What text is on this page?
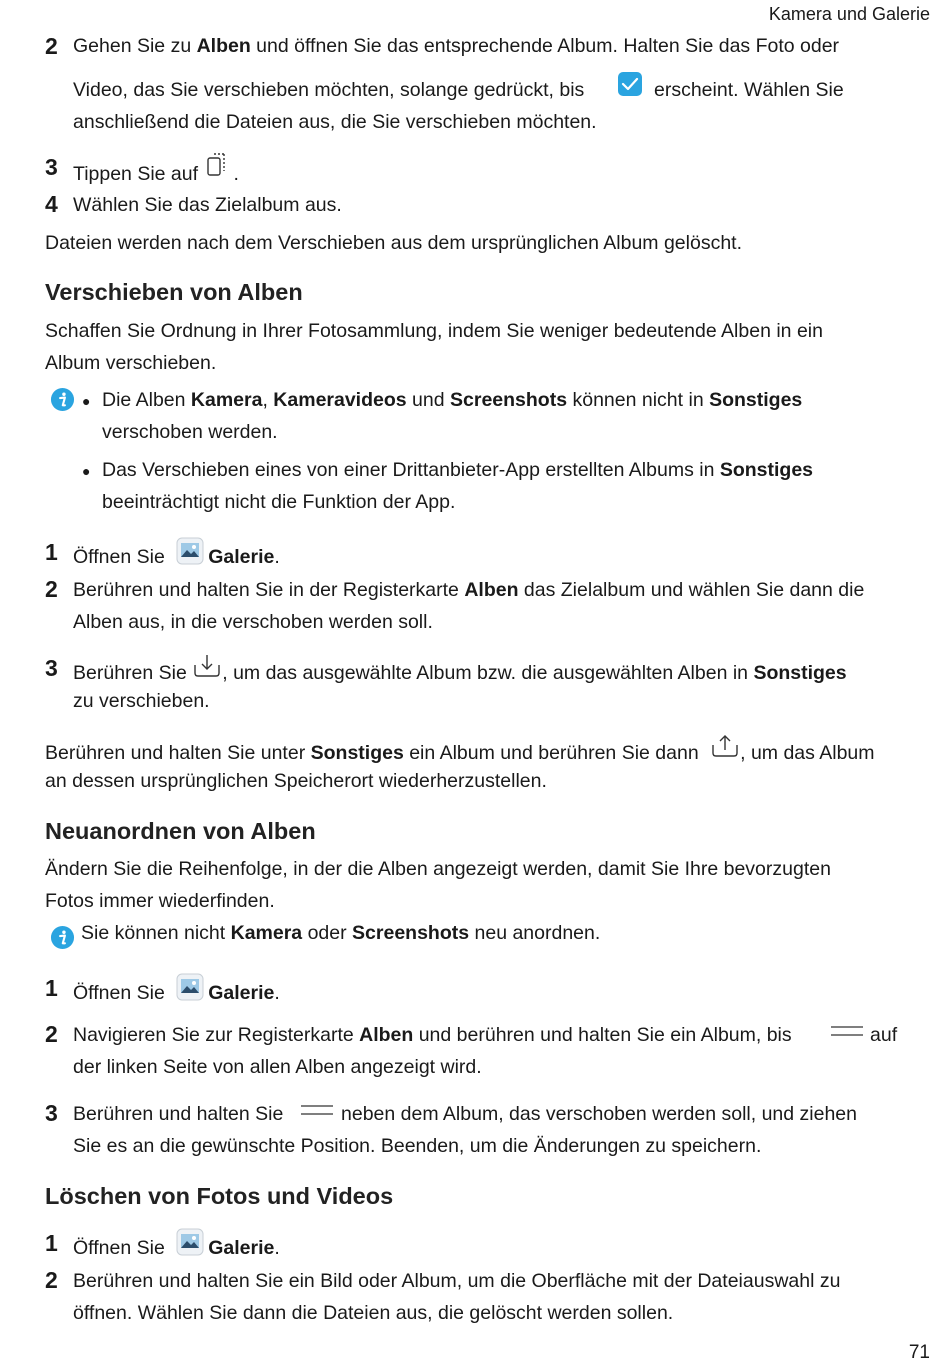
Kamera und Galerie
2 Gehen Sie zu Alben und öffnen Sie das entsprechende Album. Halten Sie das Foto oder
Video, das Sie verschieben möchten, solange gedrückt, bis	erscheint. Wählen Sie
anschließend die Dateien aus, die Sie verschieben möchten.
3 Tippen Sie auf .
4 Wählen Sie das Zielalbum aus.
Dateien werden nach dem Verschieben aus dem ursprünglichen Album gelöscht.
Verschieben von Alben
Schaffen Sie Ordnung in Ihrer Fotosammlung, indem Sie weniger bedeutende Alben in ein
Album verschieben.
● Die Alben Kamera, Kameravideos und Screenshots können nicht in Sonstiges
verschoben werden.
● Das Verschieben eines von einer Drittanbieter-App erstellten Albums in Sonstiges
beeinträchtigt nicht die Funktion der App.
1 Öffnen Sie Galerie.
2 Berühren und halten Sie in der Registerkarte Alben das Zielalbum und wählen Sie dann die
Alben aus, in die verschoben werden soll.
3 Berühren Sie , um das ausgewählte Album bzw. die ausgewählten Alben in Sonstiges
zu verschieben.
Berühren und halten Sie unter Sonstiges ein Album und berühren Sie dann , um das Album
an dessen ursprünglichen Speicherort wiederherzustellen.
Neuanordnen von Alben
Ändern Sie die Reihenfolge, in der die Alben angezeigt werden, damit Sie Ihre bevorzugten
Fotos immer wiederfinden.
Sie können nicht Kamera oder Screenshots neu anordnen.
1 Öffnen Sie Galerie.
2 Navigieren Sie zur Registerkarte Alben und berühren und halten Sie ein Album, bis	auf
der linken Seite von allen Alben angezeigt wird.
3 Berühren und halten Sie	neben dem Album, das verschoben werden soll, und ziehen
Sie es an die gewünschte Position. Beenden, um die Änderungen zu speichern.
Löschen von Fotos und Videos
1 Öffnen Sie Galerie.
2 Berühren und halten Sie ein Bild oder Album, um die Oberfläche mit der Dateiauswahl zu
öffnen. Wählen Sie dann die Dateien aus, die gelöscht werden sollen.
71
